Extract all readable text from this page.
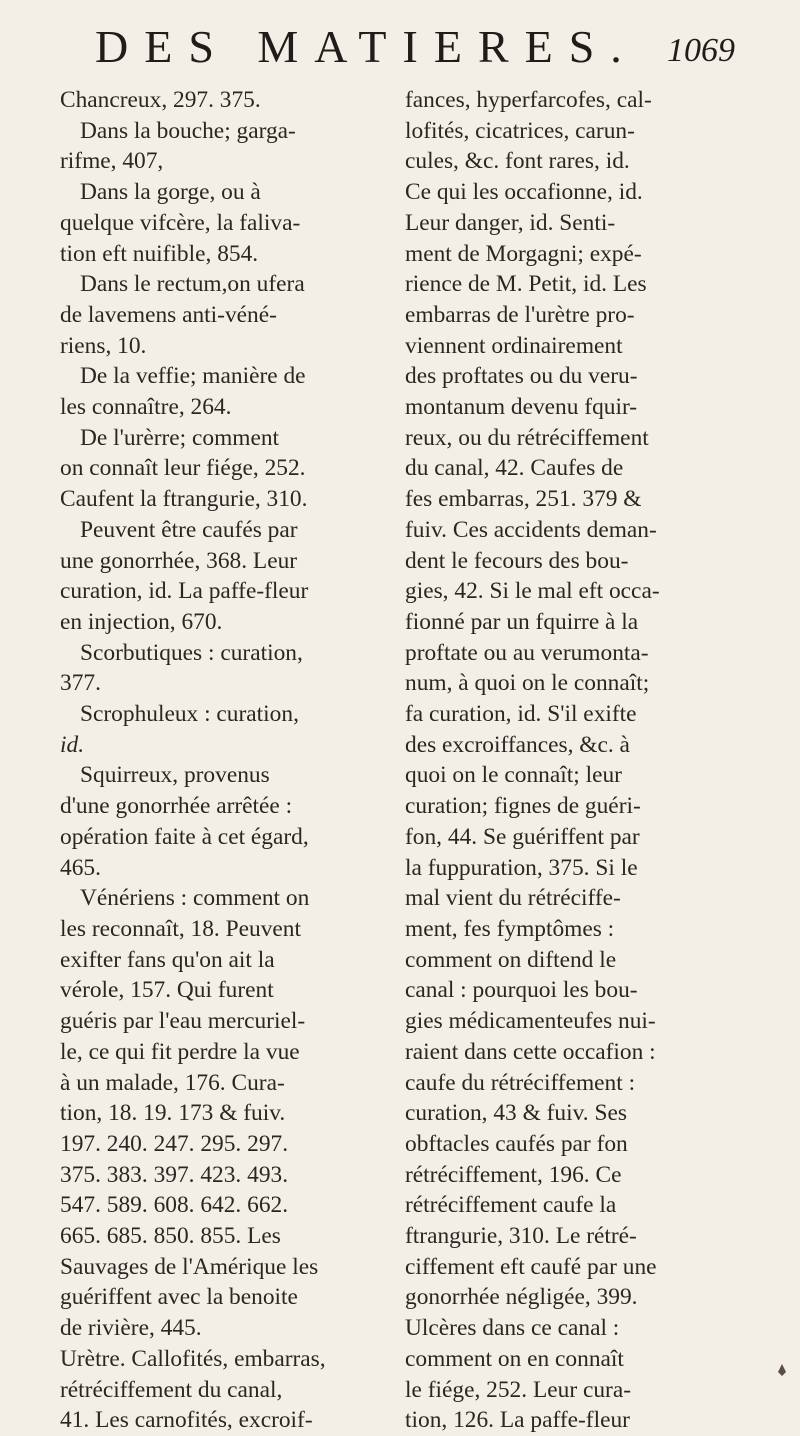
DES MATIERES. 1069

Chancreux, 297. 375.

Dans la bouche; garga-

rifme, 407,

Dans la gorge, ou à

quelque vifcère, la faliva-

tion eft nuifible, 854.

Dans le rectum,on ufera

de lavemens anti-véné-

riens, 10.

De la veffie; manière de

les connaître, 264.

De l'urèrre; comment

on connaît leur fiége, 252.

Caufent la ftrangurie, 310.

Peuvent être caufés par

une gonorrhée, 368. Leur

curation, id. La paffe-fleur

en injection, 670.

Scorbutiques : curation,

377.

Scrophuleux : curation,

id.

Squirreux, provenus

d'une gonorrhée arrêtée :

opération faite à cet égard,

465.

Vénériens : comment on

les reconnaît, 18. Peuvent

exifter fans qu'on ait la

vérole, 157. Qui furent

guéris par l'eau mercuriel-

le, ce qui fit perdre la vue

à un malade, 176. Cura-

tion, 18. 19. 173 & fuiv.

197. 240. 247. 295. 297.

375. 383. 397. 423. 493.

547. 589. 608. 642. 662.

665. 685. 850. 855. Les

Sauvages de l'Amérique les

guériffent avec la benoite

de rivière, 445.

Urètre. Callofités, embarras,

rétréciffement du canal,

41. Les carnofités, excroif-

fances, hyperfarcofes, cal-

lofités, cicatrices, carun-

cules, &c. font rares, id.

Ce qui les occafionne, id.

Leur danger, id. Senti-

ment de Morgagni; expé-

rience de M. Petit, id. Les

embarras de l'urètre pro-

viennent ordinairement

des proftates ou du veru-

montanum devenu fquir-

reux, ou du rétréciffement

du canal, 42. Caufes de

fes embarras, 251. 379 &

fuiv. Ces accidents deman-

dent le fecours des bou-

gies, 42. Si le mal eft occa-

fionné par un fquirre à la

proftate ou au verumonta-

num, à quoi on le connaît;

fa curation, id. S'il exifte

des excroiffances, &c. à

quoi on le connaît; leur

curation; fignes de guéri-

fon, 44. Se guériffent par

la fuppuration, 375. Si le

mal vient du rétréciffe-

ment, fes fymptômes :

comment on diftend le

canal : pourquoi les bou-

gies médicamenteufes nui-

raient dans cette occafion :

caufe du rétréciffement :

curation, 43 & fuiv. Ses

obftacles caufés par fon

rétréciffement, 196. Ce

rétréciffement caufe la

ftrangurie, 310. Le rétré-

ciffement eft caufé par une

gonorrhée négligée, 399.

Ulcères dans ce canal :

comment on en connaît

le fiége, 252. Leur cura-

tion, 126. La paffe-fleur
